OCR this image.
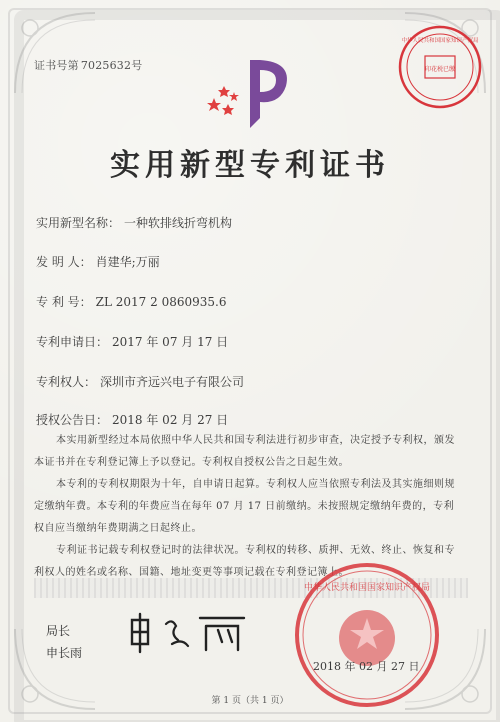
证书号第 7025632号	印花税已缴
中华人民共和国国家知识产权局
实用新型专利证书
实用新型名称： 一种软排线折弯机构
发 明 人： 肖建华;万丽
专 利 号： ZL 2017 2 0860935.6
专利申请日： 2017 年 07 月 17 日
专利权人： 深圳市齐远兴电子有限公司
授权公告日： 2018 年 02 月 27 日

本实用新型经过本局依照中华人民共和国专利法进行初步审查，决定授予专利权，颁发本证书并在专利登记簿上予以登记。专利权自授权公告之日起生效。

本专利的专利权期限为十年，自申请日起算。专利权人应当依照专利法及其实施细则规定缴纳年费。本专利的年费应当在每年 07 月 17 日前缴纳。未按照规定缴纳年费的，专利权自应当缴纳年费期满之日起终止。

专利证书记载专利权登记时的法律状况。专利权的转移、质押、无效、终止、恢复和专利权人的姓名或名称、国籍、地址变更等事项记载在专利登记簿上。

局长
申长雨
中华人民共和国国家知识产权局
2018 年 02 月 27 日
第 1 页（共 1 页）
